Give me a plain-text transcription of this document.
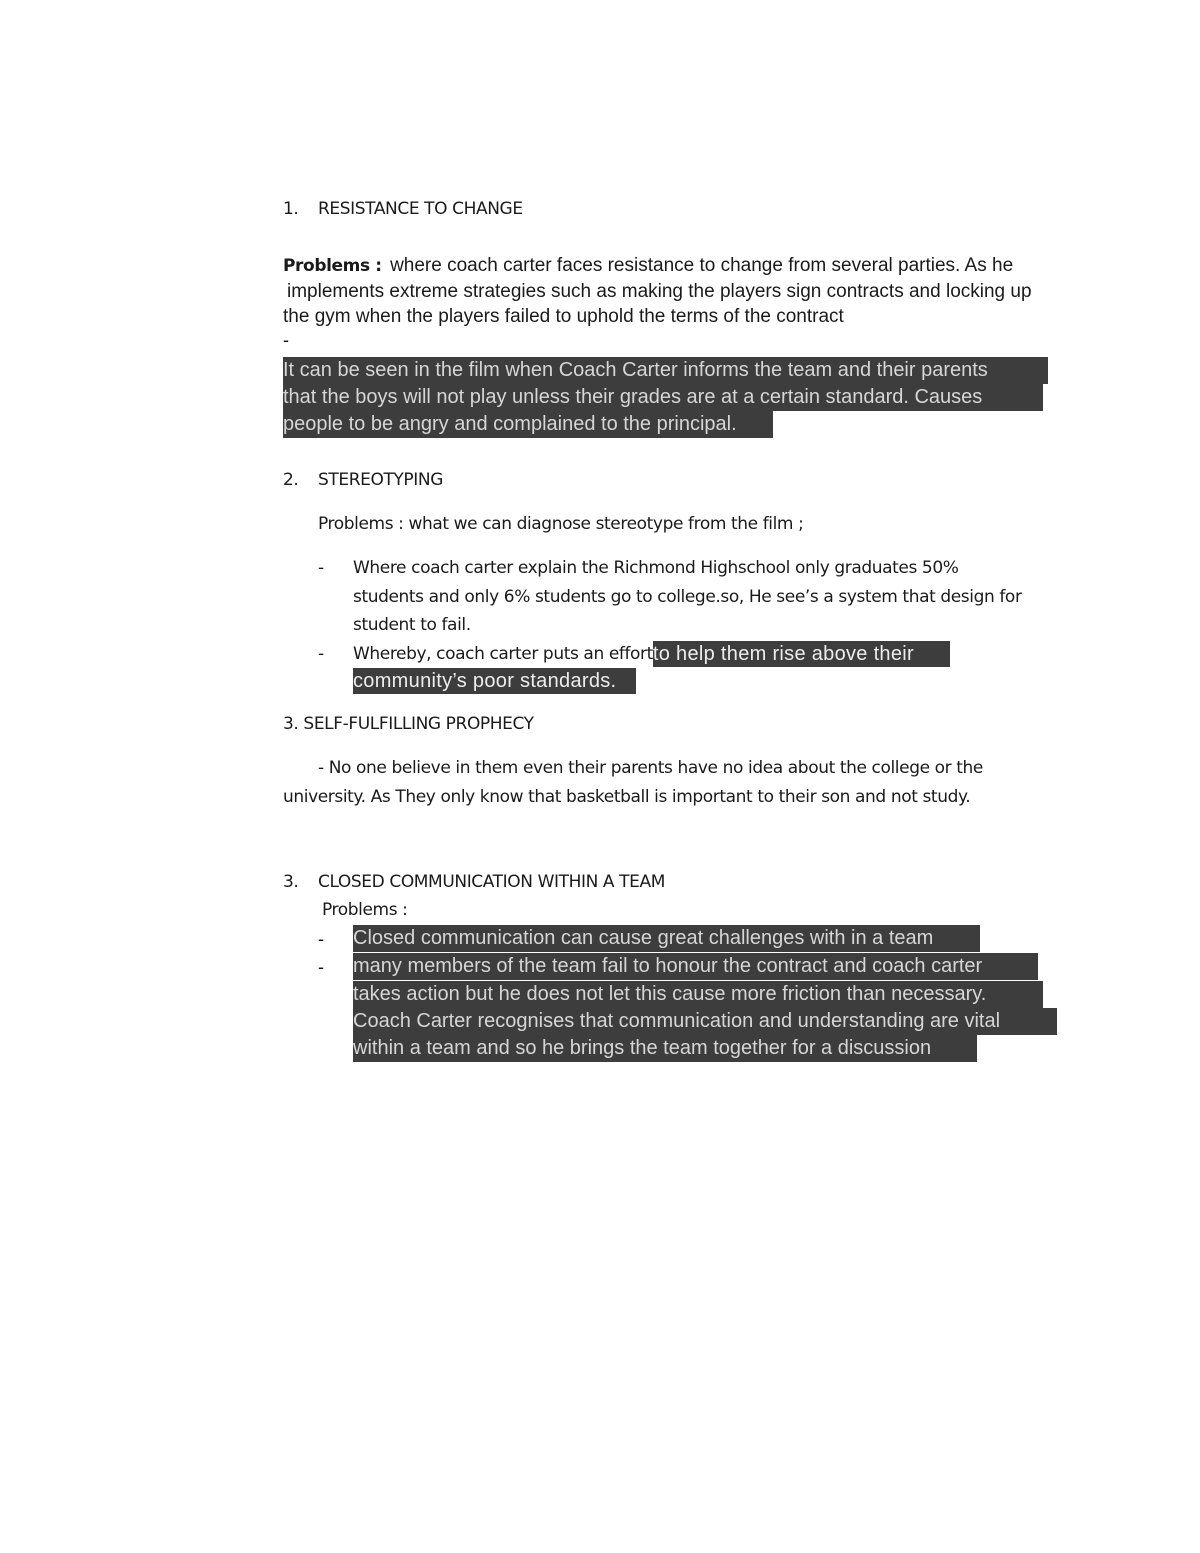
1. RESISTANCE TO CHANGE
Problems : where coach carter faces resistance to change from several parties. As he
implements extreme strategies such as making the players sign contracts and locking up
the gym when the players failed to uphold the terms of the contract
-
It can be seen in the film when Coach Carter informs the team and their parents
that the boys will not play unless their grades are at a certain standard. Causes
people to be angry and complained to the principal.
2. STEREOTYPING
Problems : what we can diagnose stereotype from the film ;
- Where coach carter explain the Richmond Highschool only graduates 50%
students and only 6% students go to college.so, He see’s a system that design for
student to fail.
- Whereby, coach carter puts an effortto help them rise above their
community’s poor standards.
3. SELF-FULFILLING PROPHECY
- No one believe in them even their parents have no idea about the college or the
university. As They only know that basketball is important to their son and not study.
3. CLOSED COMMUNICATION WITHIN A TEAM
Problems :
- Closed communication can cause great challenges with in a team
- many members of the team fail to honour the contract and coach carter
takes action but he does not let this cause more friction than necessary.
Coach Carter recognises that communication and understanding are vital
within a team and so he brings the team together for a discussion
